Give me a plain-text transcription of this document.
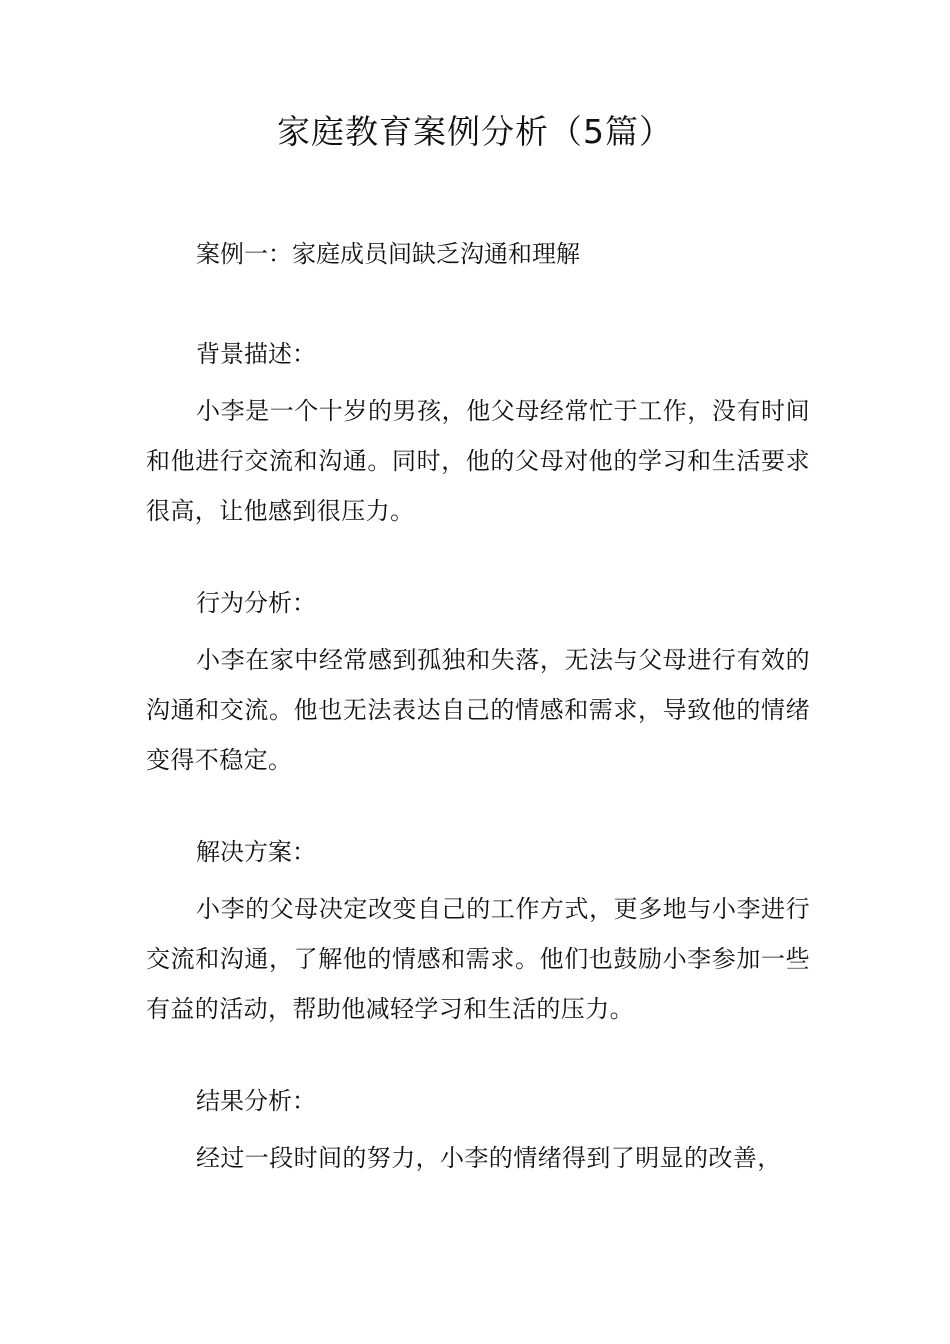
家庭教育案例分析（5篇）
案例一：家庭成员间缺乏沟通和理解
背景描述：

小李是一个十岁的男孩，他父母经常忙于工作，没有时间和他进行交流和沟通。同时，他的父母对他的学习和生活要求很高，让他感到很压力。

行为分析：

小李在家中经常感到孤独和失落，无法与父母进行有效的沟通和交流。他也无法表达自己的情感和需求，导致他的情绪变得不稳定。

解决方案：

小李的父母决定改变自己的工作方式，更多地与小李进行交流和沟通，了解他的情感和需求。他们也鼓励小李参加一些有益的活动，帮助他减轻学习和生活的压力。

结果分析：

经过一段时间的努力，小李的情绪得到了明显的改善，
